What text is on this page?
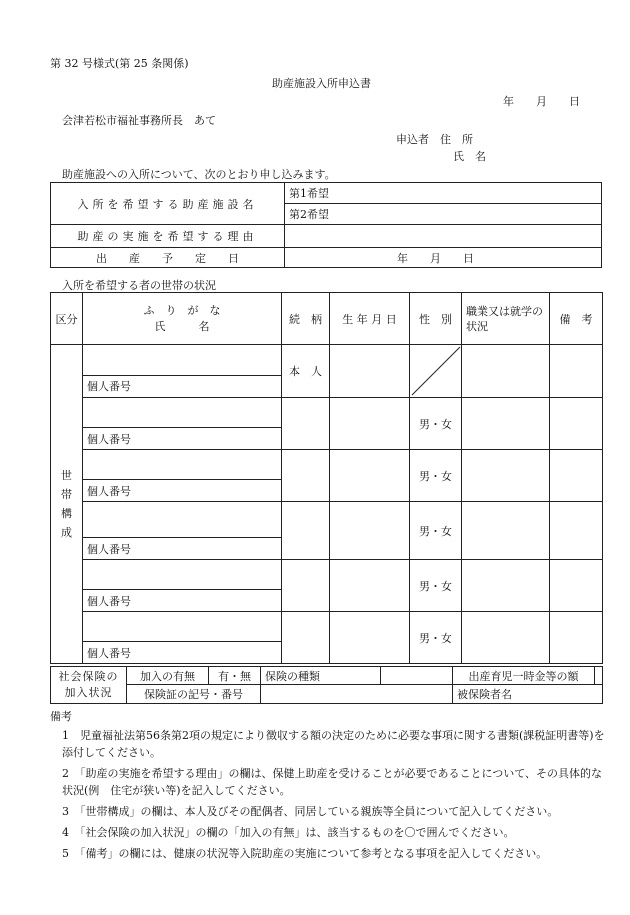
第 32 号様式(第 25 条関係)
助産施設入所申込書
年　　月　　日
会津若松市福祉事務所長　あて
申込者　住　所
氏　名
助産施設への入所について、次のとおり申し込みます。
入所を希望する助産施設名	第1希望
	第2希望
助産の実施を希望する理由	
出　　産　　予　　定　　日	年　　月　　日
入所を希望する者の世帯の状況
区分	ふ　り　が　な
氏　　　名	続　柄	生 年 月 日	性　別	職業又は就学の状況	備　考

世帯構成		本　人		

	個人番号					
				男・女		
	個人番号					
				男・女		
	個人番号					
				男・女		
	個人番号					
				男・女		
	個人番号					
				男・女		
	個人番号					
社会保険の加入状況	加入の有無	有・無	保険の種類		出産育児一時金等の額	
	保険証の記号・番号				被保険者名	
備考
1　児童福祉法第56条第2項の規定により徴収する額の決定のために必要な事項に関する書類(課税証明書等)を添付してください。
2　「助産の実施を希望する理由」の欄は、保健上助産を受けることが必要であることについて、その具体的な状況(例　住宅が狭い等)を記入してください。
3　「世帯構成」の欄は、本人及びその配偶者、同居している親族等全員について記入してください。
4　「社会保険の加入状況」の欄の「加入の有無」は、該当するものを〇で囲んでください。
5　「備考」の欄には、健康の状況等入院助産の実施について参考となる事項を記入してください。
